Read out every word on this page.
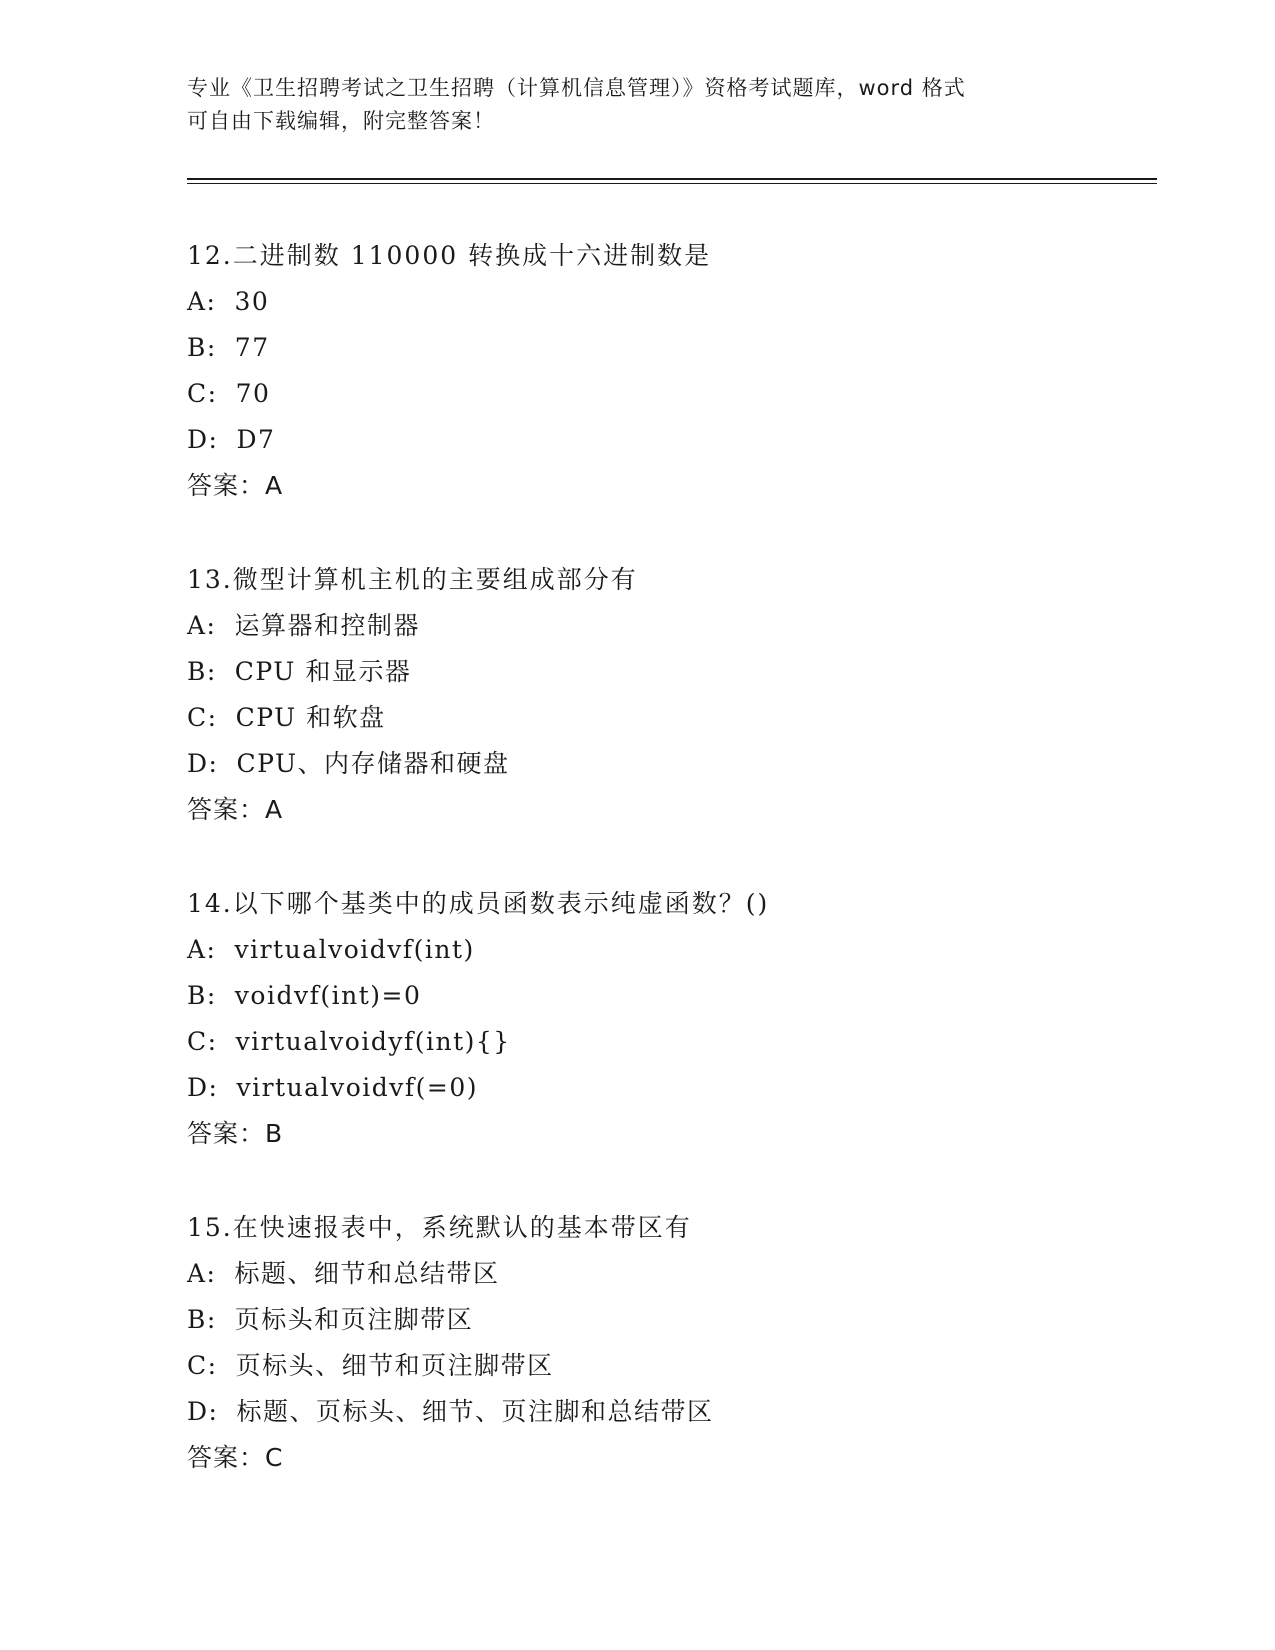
专业《卫生招聘考试之卫生招聘（计算机信息管理）》资格考试题库，word 格式
可自由下载编辑，附完整答案！
12.二进制数 110000 转换成十六进制数是
A: 30
B: 77
C: 70
D: D7
答案：A
13.微型计算机主机的主要组成部分有
A: 运算器和控制器
B: CPU 和显示器
C: CPU 和软盘
D: CPU、内存储器和硬盘
答案：A
14.以下哪个基类中的成员函数表示纯虚函数？()
A: virtualvoidvf(int)
B: voidvf(int)=0
C: virtualvoidyf(int){}
D: virtualvoidvf(=0)
答案：B
15.在快速报表中，系统默认的基本带区有
A: 标题、细节和总结带区
B: 页标头和页注脚带区
C: 页标头、细节和页注脚带区
D: 标题、页标头、细节、页注脚和总结带区
答案：C
